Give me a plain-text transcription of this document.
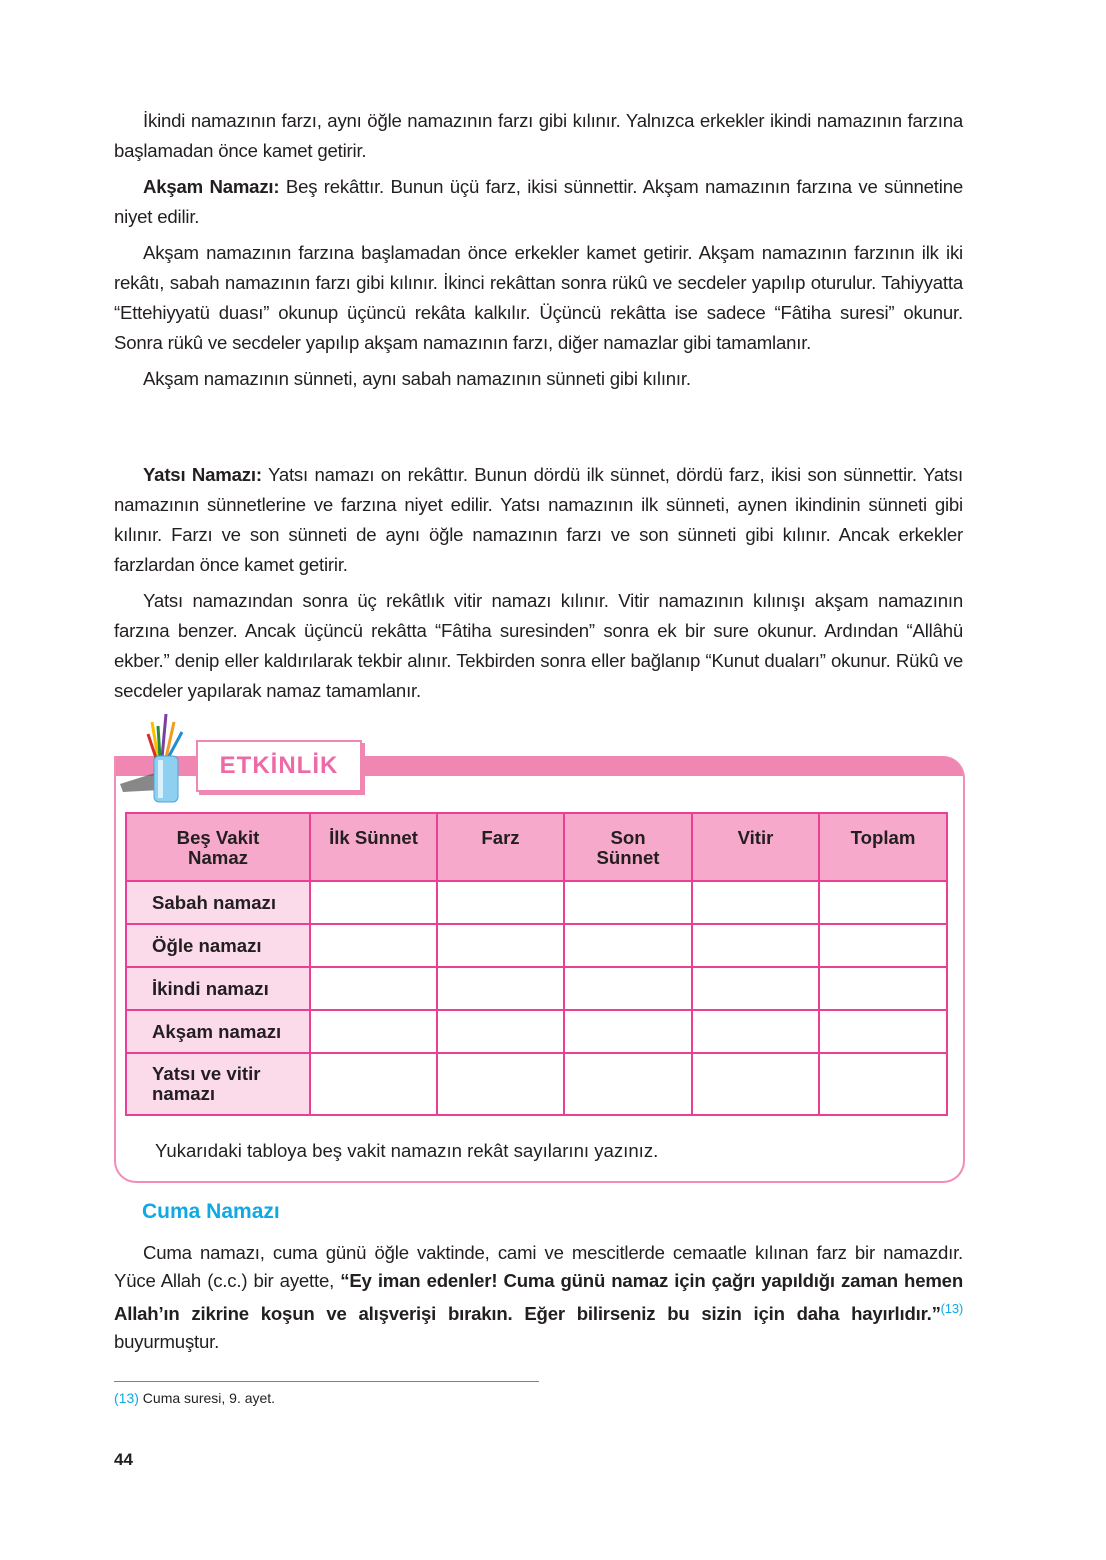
İkindi namazının farzı, aynı öğle namazının farzı gibi kılınır. Yalnızca erkekler ikindi namazının farzına başlamadan önce kamet getirir.

Akşam Namazı: Beş rekâttır. Bunun üçü farz, ikisi sünnettir. Akşam namazının farzına ve sünnetine niyet edilir.

Akşam namazının farzına başlamadan önce erkekler kamet getirir. Akşam namazının farzının ilk iki rekâtı, sabah namazının farzı gibi kılınır. İkinci rekâttan sonra rükû ve secdeler yapılıp oturulur. Tahiyyatta “Ettehiyyatü duası” okunup üçüncü rekâta kalkılır. Üçüncü rekâtta ise sadece “Fâtiha suresi” okunur. Sonra rükû ve secdeler yapılıp akşam namazının farzı, diğer namazlar gibi tamamlanır.

Akşam namazının sünneti, aynı sabah namazının sünneti gibi kılınır.

Yatsı Namazı: Yatsı namazı on rekâttır. Bunun dördü ilk sünnet, dördü farz, ikisi son sünnettir. Yatsı namazının sünnetlerine ve farzına niyet edilir. Yatsı namazının ilk sünneti, aynen ikindinin sünneti gibi kılınır. Farzı ve son sünneti de aynı öğle namazının farzı ve son sünneti gibi kılınır. Ancak erkekler farzlardan önce kamet getirir.

Yatsı namazından sonra üç rekâtlık vitir namazı kılınır. Vitir namazının kılınışı akşam namazının farzına benzer. Ancak üçüncü rekâtta “Fâtiha suresinden” sonra ek bir sure okunur. Ardından “Allâhü ekber.” denip eller kaldırılarak tekbir alınır. Tekbirden sonra eller bağlanıp “Kunut duaları” okunur. Rükû ve secdeler yapılarak namaz tamamlanır.

ETKİNLİK
Beş Vakit Namaz	İlk Sünnet	Farz	Son Sünnet	Vitir	Toplam
Sabah namazı					
Öğle namazı					
İkindi namazı					
Akşam namazı					
Yatsı ve vitir namazı					
Yukarıdaki tabloya beş vakit namazın rekât sayılarını yazınız.
Cuma Namazı

Cuma namazı, cuma günü öğle vaktinde, cami ve mescitlerde cemaatle kılınan farz bir namazdır. Yüce Allah (c.c.) bir ayette, “Ey iman edenler! Cuma günü namaz için çağrı yapıldığı zaman hemen Allah’ın zikrine koşun ve alışverişi bırakın. Eğer bilirseniz bu sizin için daha hayırlıdır.”$^{(13)}$ buyurmuştur.

(13) Cuma suresi, 9. ayet.
44
